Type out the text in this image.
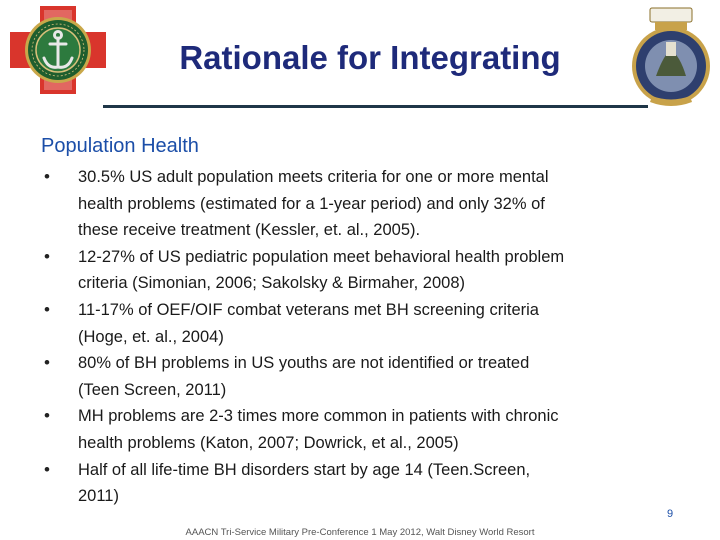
Rationale for Integrating
Population Health
• 30.5% US adult population meets criteria for one or more mental
health problems (estimated for a 1-year period) and only 32% of
these receive treatment (Kessler, et. al., 2005).
• 12-27% of US pediatric population meet behavioral health problem
criteria (Simonian, 2006; Sakolsky & Birmaher, 2008)
• 11-17% of OEF/OIF combat veterans met BH screening criteria
(Hoge, et. al., 2004)
• 80% of BH problems in US youths are not identified or treated
(Teen Screen, 2011)
• MH problems are 2-3 times more common in patients with chronic
health problems (Katon, 2007; Dowrick, et al., 2005)
• Half of all life-time BH disorders start by age 14 (Teen.Screen,
2011)
9
AAACN Tri-Service Military Pre-Conference 1 May 2012, Walt Disney World Resort
